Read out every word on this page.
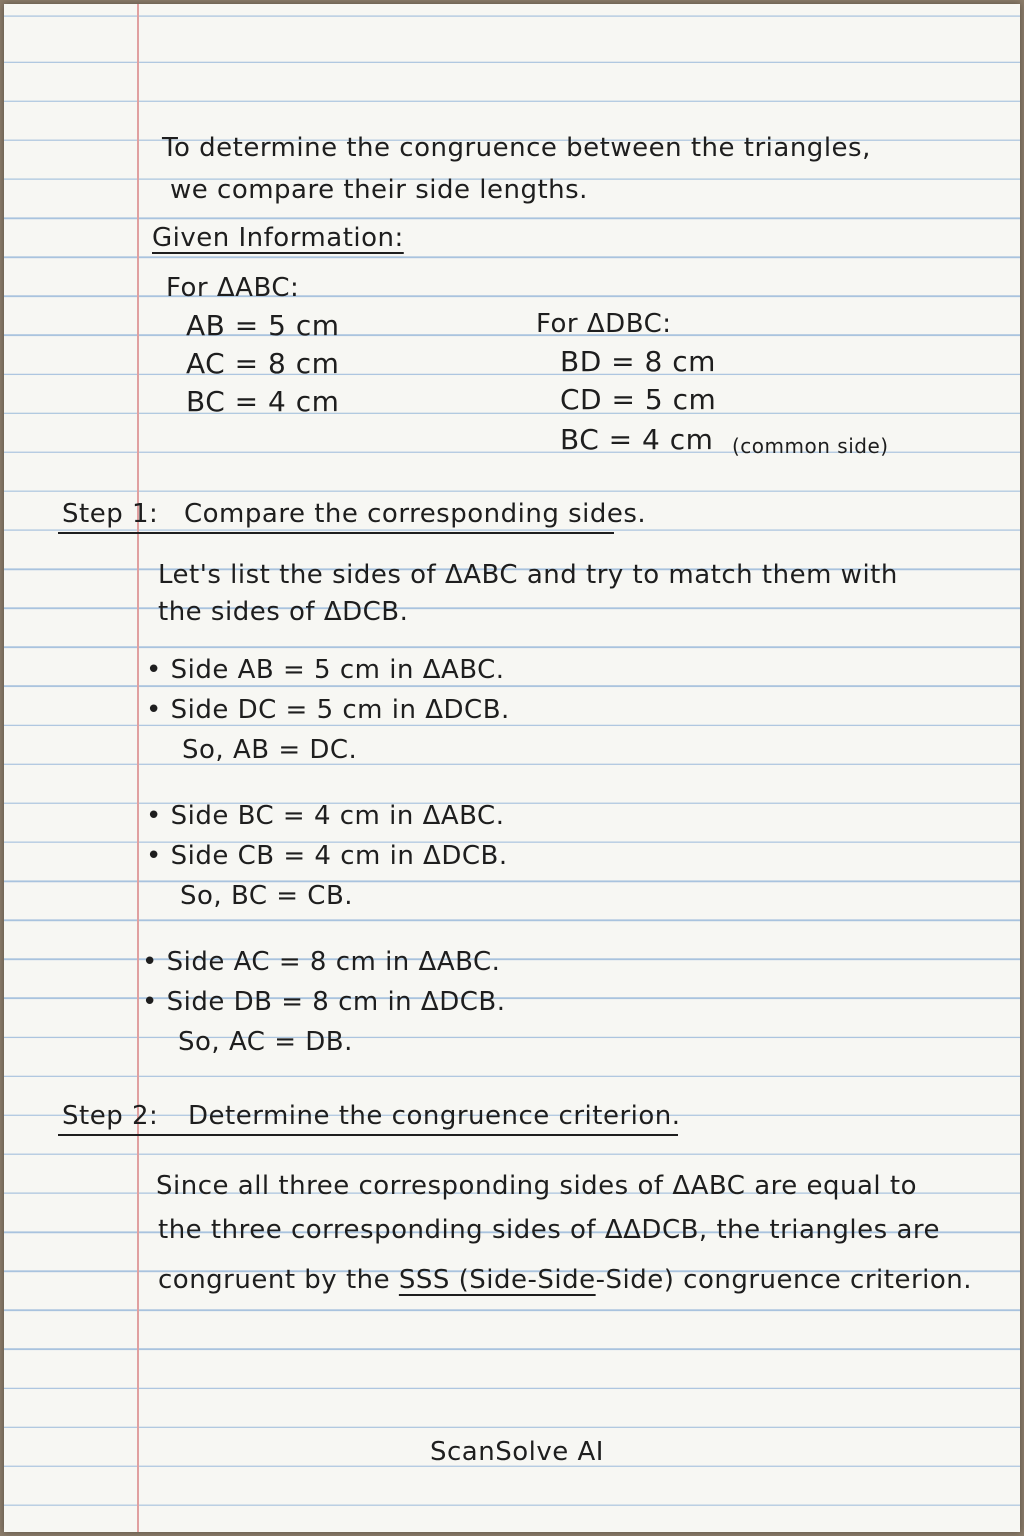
To determine the congruence between the triangles,
we compare their side lengths.
Given Information:
For ΔABC:
AB = 5 cm
AC = 8 cm
BC = 4 cm
For ΔDBC:
BD = 8 cm
CD = 5 cm
BC = 4 cm (common side)
Step 1: Compare the corresponding sides.
Let's list the sides of ΔABC and try to match them with
the sides of ΔDCB.
• Side AB = 5 cm in ΔABC.
• Side DC = 5 cm in ΔDCB.
So, AB = DC.
• Side BC = 4 cm in ΔABC.
• Side CB = 4 cm in ΔDCB.
So, BC = CB.
• Side AC = 8 cm in ΔABC.
• Side DB = 8 cm in ΔDCB.
So, AC = DB.
Step 2: Determine the congruence criterion.
Since all three corresponding sides of ΔABC are equal to
the three corresponding sides of ΔΔDCB, the triangles are
congruent by the SSS (Side-Side-Side) congruence criterion.
ScanSolve AI
